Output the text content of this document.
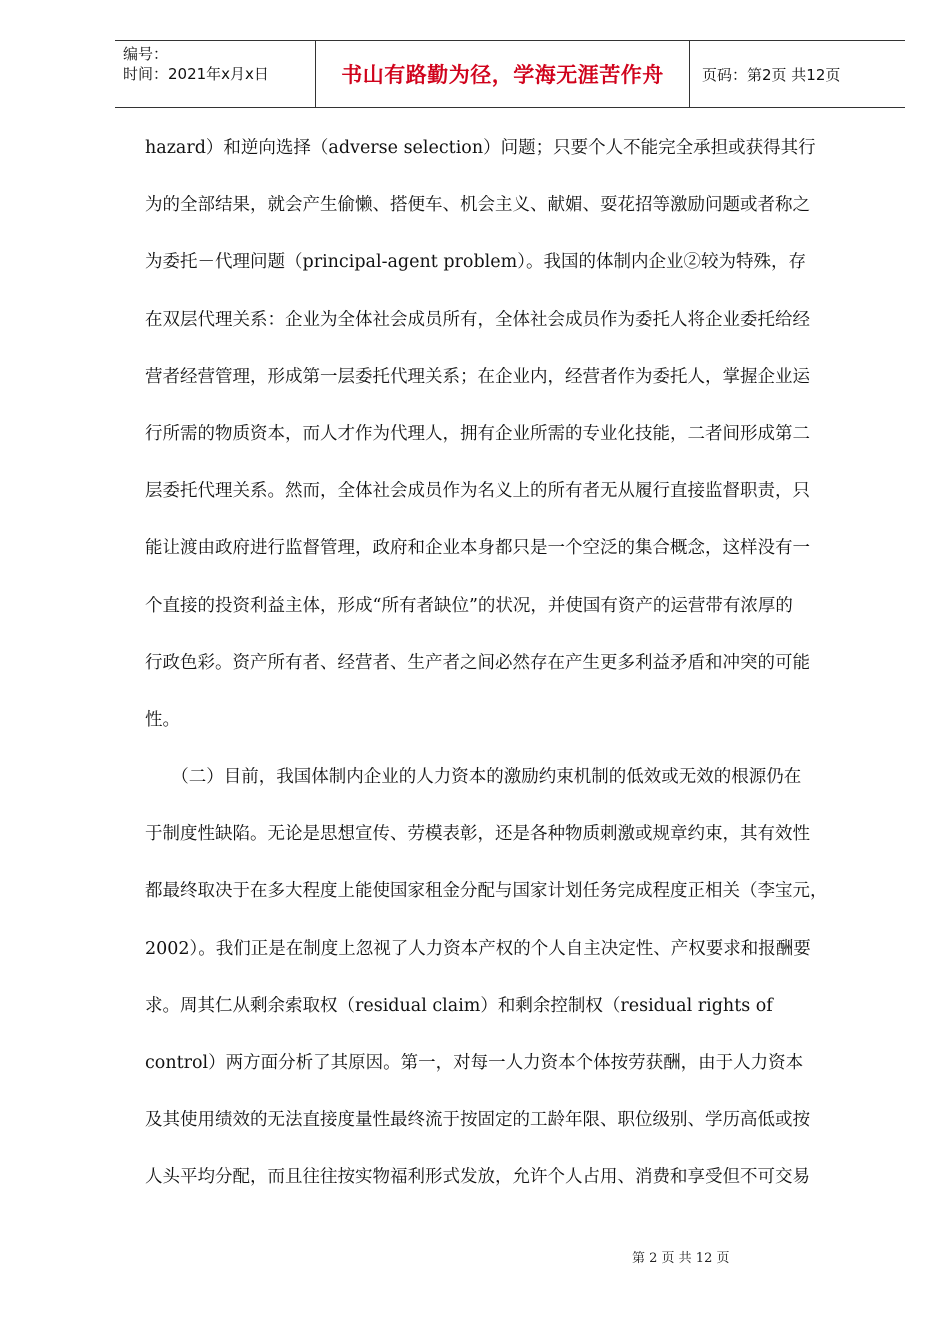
编号：
时间：2021年x月x日	书山有路勤为径，学海无涯苦作舟	页码：第2页 共12页
hazard）和逆向选择（adverse selection）问题；只要个人不能完全承担或获得其行
为的全部结果，就会产生偷懒、搭便车、机会主义、献媚、耍花招等激励问题或者称之
为委托－代理问题（principal-agent problem）。我国的体制内企业②较为特殊，存
在双层代理关系：企业为全体社会成员所有，全体社会成员作为委托人将企业委托给经
营者经营管理，形成第一层委托代理关系；在企业内，经营者作为委托人，掌握企业运
行所需的物质资本，而人才作为代理人，拥有企业所需的专业化技能，二者间形成第二
层委托代理关系。然而，全体社会成员作为名义上的所有者无从履行直接监督职责，只
能让渡由政府进行监督管理，政府和企业本身都只是一个空泛的集合概念，这样没有一
个直接的投资利益主体，形成“所有者缺位”的状况，并使国有资产的运营带有浓厚的
行政色彩。资产所有者、经营者、生产者之间必然存在产生更多利益矛盾和冲突的可能
性。
　　（二）目前，我国体制内企业的人力资本的激励约束机制的低效或无效的根源仍在
于制度性缺陷。无论是思想宣传、劳模表彰，还是各种物质刺激或规章约束，其有效性
都最终取决于在多大程度上能使国家租金分配与国家计划任务完成程度正相关（李宝元，
2002）。我们正是在制度上忽视了人力资本产权的个人自主决定性、产权要求和报酬要
求。周其仁从剩余索取权（residual claim）和剩余控制权（residual rights of
control）两方面分析了其原因。第一，对每一人力资本个体按劳获酬，由于人力资本
及其使用绩效的无法直接度量性最终流于按固定的工龄年限、职位级别、学历高低或按
人头平均分配，而且往往按实物福利形式发放，允许个人占用、消费和享受但不可交易
第 2 页 共 12 页
